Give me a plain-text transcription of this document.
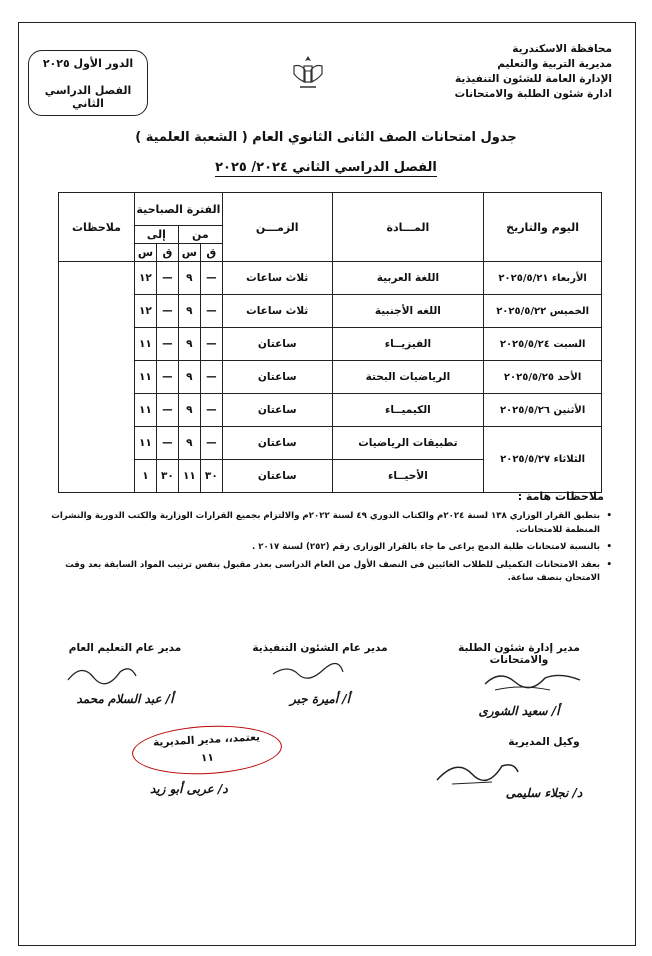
محافظة الاسكندرية
مديرية التربية والتعليم
الإدارة العامة للشئون التنفيذية
ادارة شئون الطلبة والامتحانات
الدور الأول ٢٠٢٥
الفصل الدراسي الثاني
جدول امتحانات الصف الثانى الثانوي العام ( الشعبة العلمية )
الفصل الدراسي الثاني ٢٠٢٤/ ٢٠٢٥
اليوم والتاريخ	المـــادة	الزمـــن	الفترة الصباحية				ملاحظات
			من		إلى		
			ق	س	ق	س	
الأربعاء ٢٠٢٥/٥/٢١	اللغة العربية	ثلاث ساعات	—	٩	—	١٢	
الخميس ٢٠٢٥/٥/٢٢	اللغه الأجنبية	ثلاث ساعات	—	٩	—	١٢	
السبت ٢٠٢٥/٥/٢٤	الفيزيــاء	ساعتان	—	٩	—	١١	
الأحد ٢٠٢٥/٥/٢٥	الرياضيات البحتة	ساعتان	—	٩	—	١١	
الأثنين ٢٠٢٥/٥/٢٦	الكيميــاء	ساعتان	—	٩	—	١١	
الثلاثاء ٢٠٢٥/٥/٢٧	تطبيقات الرياضيات	ساعتان	—	٩	—	١١	
	الأحيــاء	ساعتان	٣٠	١١	٣٠	١	
ملاحظات هامة :
• بتطبق القرار الوزاري ١٣٨ لسنة ٢٠٢٤م والكتاب الدوري ٤٩ لسنة ٢٠٢٢م والالتزام بجميع القرارات الوزارية والكتب الدورية والنشرات المنظمة للامتحانات.
• بالنسبة لامتحانات طلبة الدمج يراعى ما جاء بالقرار الوزارى رقم (٢٥٢) لسنة ٢٠١٧ .
• بعقد الامتحانات التكميلى للطلاب الغائبين فى النصف الأول من العام الدراسى بعذر مقبول بنفس ترتيب المواد السابقة بعد وقت الامتحان بنصف ساعة.
مدير إدارة شئون الطلبة والامتحانات
أ/ سعيد الشورى
مدير عام الشئون التنفيذية
أ/ أميرة جبر
مدير عام التعليم العام
أ/ عبد السلام محمد
وكيل المديرية
د/ نجلاء سليمى
يعتمد،، مدير المديرية
١١
د/ عربى أبو زيد
